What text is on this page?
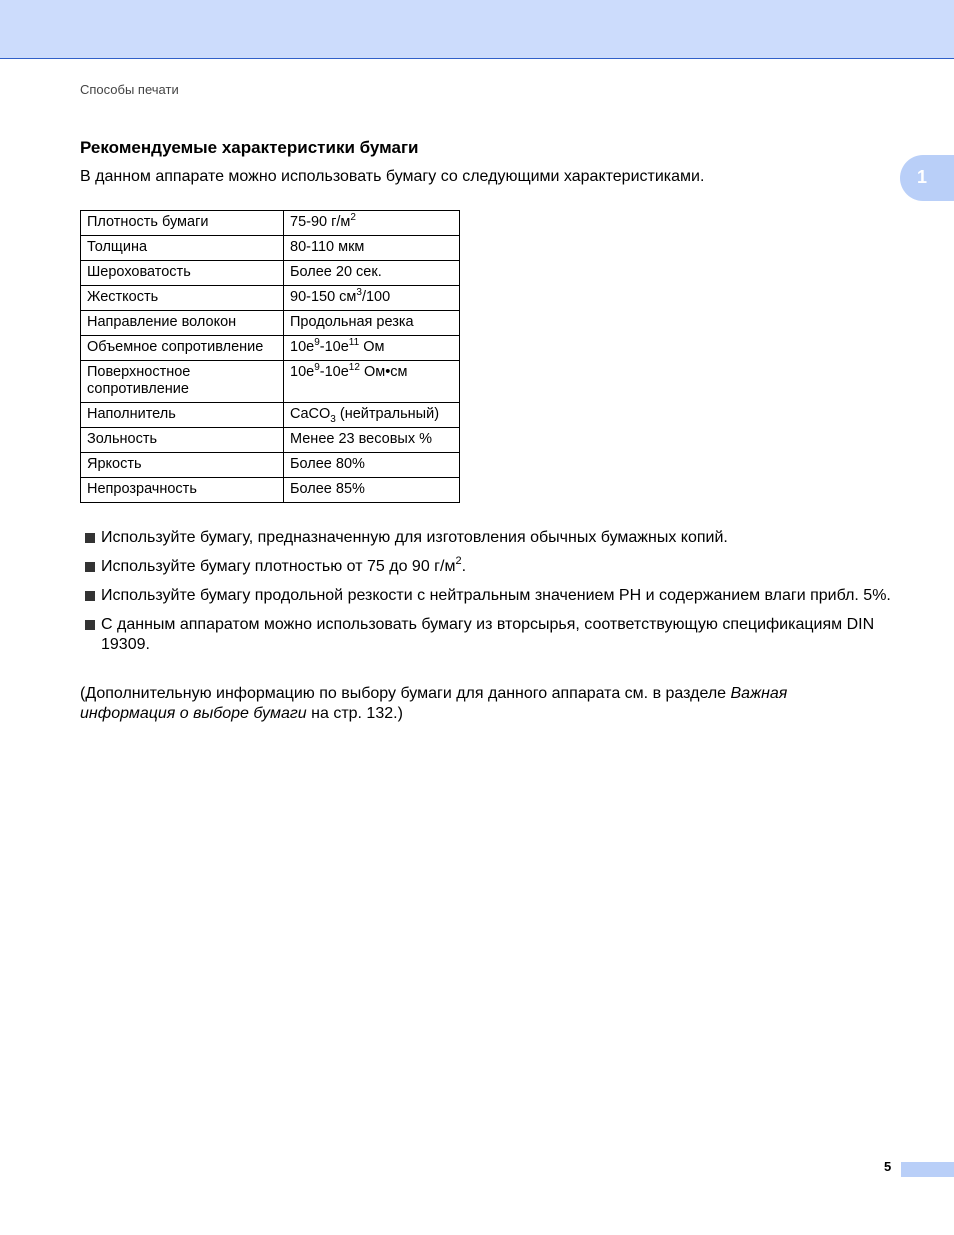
Способы печати
1
Рекомендуемые характеристики бумаги

В данном аппарате можно использовать бумагу со следующими характеристиками.

Плотность бумаги	75-90 $г/м^2$
Толщина	80-110 мкм
Шероховатость	Более 20 сек.
Жесткость	90-150 $см^3/100$
Направление волокон	Продольная резка
Объемное сопротивление	$10e^9-10e^{11}$ Ом
Поверхностное сопротивление	$10e^9-10e^{12}$ Ом•см
Наполнитель	CaCO$_3$ (нейтральный)
Зольность	Менее 23 весовых %
Яркость	Более 80%
Непрозрачность	Более 85%
Используйте бумагу, предназначенную для изготовления обычных бумажных копий.
Используйте бумагу плотностью от 75 до 90 $г/м^2$.
Используйте бумагу продольной резкости с нейтральным значением PH и содержанием влаги прибл. 5%.
С данным аппаратом можно использовать бумагу из вторсырья, соответствующую спецификациям DIN 19309.

(Дополнительную информацию по выбору бумаги для данного аппарата см. в разделе Важная информация о выборе бумаги на стр. 132.)

5
